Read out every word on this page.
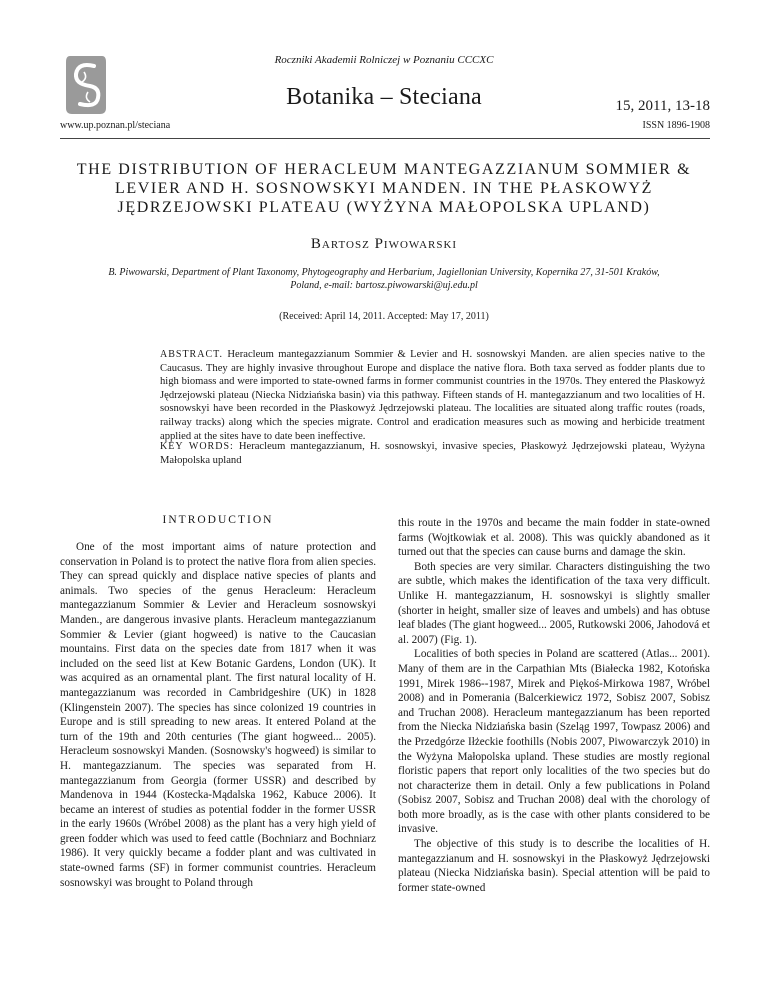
Roczniki Akademii Rolniczej w Poznaniu CCCXC
Botanika – Steciana	15, 2011, 13-18
www.up.poznan.pl/steciana	ISSN 1896-1908
THE DISTRIBUTION OF HERACLEUM MANTEGAZZIANUM SOMMIER & LEVIER AND H. SOSNOWSKYI MANDEN. IN THE PŁASKOWYŻ JĘDRZEJOWSKI PLATEAU (WYŻYNA MAŁOPOLSKA UPLAND)
Bartosz Piwowarski
B. Piwowarski, Department of Plant Taxonomy, Phytogeography and Herbarium, Jagiellonian University, Kopernika 27, 31-501 Kraków, Poland, e-mail: bartosz.piwowarski@uj.edu.pl
(Received: April 14, 2011. Accepted: May 17, 2011)
ABSTRACT. Heracleum mantegazzianum Sommier & Levier and H. sosnowskyi Manden. are alien species native to the Caucasus. They are highly invasive throughout Europe and displace the native flora. Both taxa served as fodder plants due to high biomass and were imported to state-owned farms in former communist countries in the 1970s. They entered the Płaskowyż Jędrzejowski plateau (Niecka Nidziańska basin) via this pathway. Fifteen stands of H. mantegazzianum and two localities of H. sosnowskyi have been recorded in the Płaskowyż Jędrzejowski plateau. The localities are situated along traffic routes (roads, railway tracks) along which the species migrate. Control and eradication measures such as mowing and herbicide treatment applied at the sites have to date been ineffective.
KEY WORDS: Heracleum mantegazzianum, H. sosnowskyi, invasive species, Płaskowyż Jędrzejowski plateau, Wyżyna Małopolska upland
INTRODUCTION

One of the most important aims of nature protection and conservation in Poland is to protect the native flora from alien species. They can spread quickly and displace native species of plants and animals. Two species of the genus Heracleum: Heracleum mantegazzianum Sommier & Levier and Heracleum sosnowskyi Manden., are dangerous invasive plants. Heracleum mantegazzianum Sommier & Levier (giant hogweed) is native to the Caucasian mountains. First data on the species date from 1817 when it was included on the seed list at Kew Botanic Gardens, London (UK). It was acquired as an ornamental plant. The first natural locality of H. mantegazzianum was recorded in Cambridgeshire (UK) in 1828 (Klingenstein 2007). The species has since colonized 19 countries in Europe and is still spreading to new areas. It entered Poland at the turn of the 19th and 20th centuries (The giant hogweed... 2005). Heracleum sosnowskyi Manden. (Sosnowsky's hogweed) is similar to H. mantegazzianum. The species was separated from H. mantegazzianum from Georgia (former USSR) and described by Mandenova in 1944 (Kostecka-Mądalska 1962, Kabuce 2006). It became an interest of studies as potential fodder in the former USSR in the early 1960s (Wróbel 2008) as the plant has a very high yield of green fodder which was used to feed cattle (Bochniarz and Bochniarz 1986). It very quickly became a fodder plant and was cultivated in state-owned farms (SF) in former communist countries. Heracleum sosnowskyi was brought to Poland through

this route in the 1970s and became the main fodder in state-owned farms (Wojtkowiak et al. 2008). This was quickly abandoned as it turned out that the species can cause burns and damage the skin.

Both species are very similar. Characters distinguishing the two are subtle, which makes the identification of the taxa very difficult. Unlike H. mantegazzianum, H. sosnowskyi is slightly smaller (shorter in height, smaller size of leaves and umbels) and has obtuse leaf blades (The giant hogweed... 2005, Rutkowski 2006, Jahodová et al. 2007) (Fig. 1).

Localities of both species in Poland are scattered (Atlas... 2001). Many of them are in the Carpathian Mts (Białecka 1982, Kotońska 1991, Mirek 1986--1987, Mirek and Piękoś-Mirkowa 1987, Wróbel 2008) and in Pomerania (Balcerkiewicz 1972, Sobisz 2007, Sobisz and Truchan 2008). Heracleum mantegazzianum has been reported from the Niecka Nidziańska basin (Szeląg 1997, Towpasz 2006) and the Przedgórze Iłżeckie foothills (Nobis 2007, Piwowarczyk 2010) in the Wyżyna Małopolska upland. These studies are mostly regional floristic papers that report only localities of the two species but do not characterize them in detail. Only a few publications in Poland (Sobisz 2007, Sobisz and Truchan 2008) deal with the chorology of both more broadly, as is the case with other plants considered to be invasive.

The objective of this study is to describe the localities of H. mantegazzianum and H. sosnowskyi in the Płaskowyż Jędrzejowski plateau (Niecka Nidziańska basin). Special attention will be paid to former state-owned
